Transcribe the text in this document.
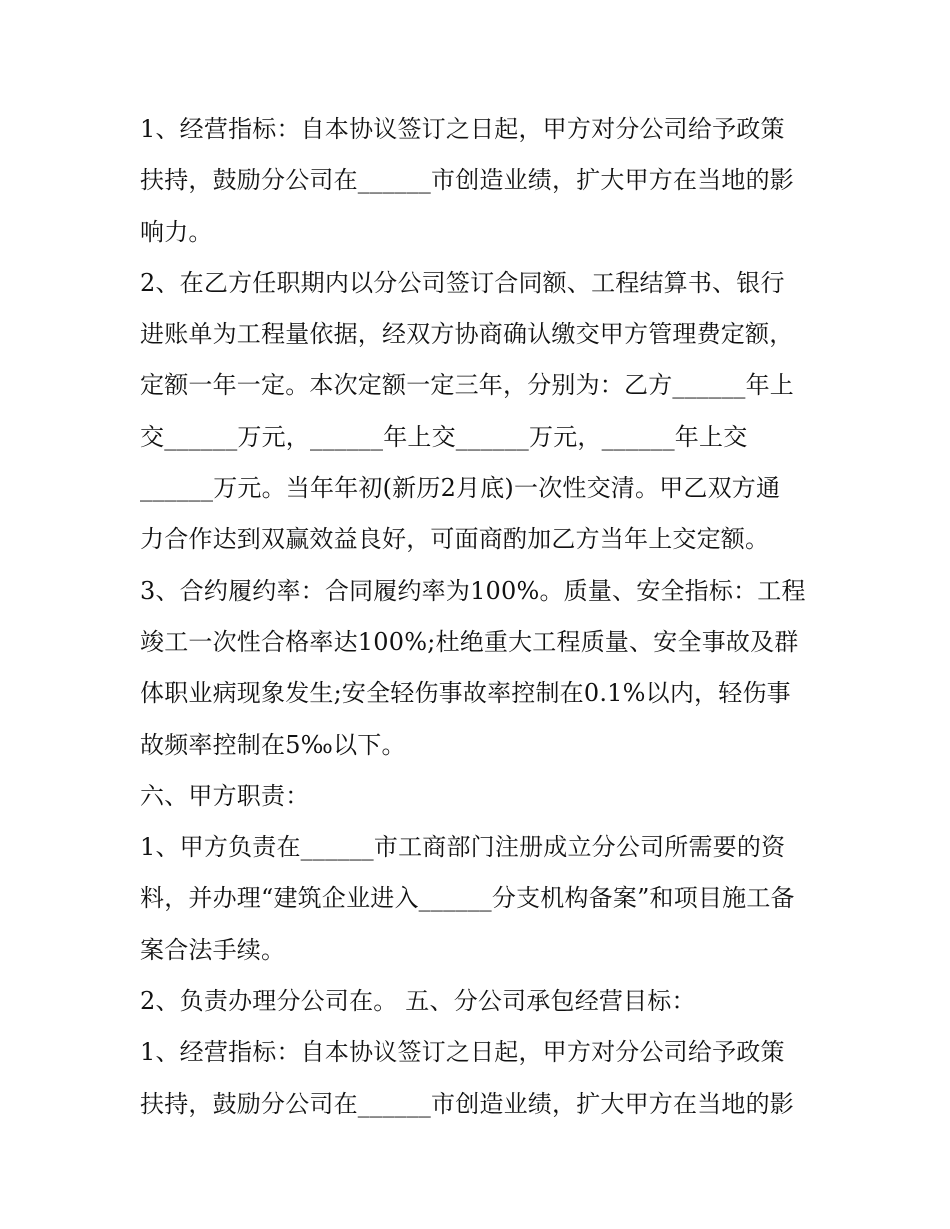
1、经营指标：自本协议签订之日起，甲方对分公司给予政策
扶持，鼓励分公司在______市创造业绩，扩大甲方在当地的影
响力。
2、在乙方任职期内以分公司签订合同额、工程结算书、银行
进账单为工程量依据，经双方协商确认缴交甲方管理费定额，
定额一年一定。本次定额一定三年，分别为：乙方______年上
交______万元，______年上交______万元，______年上交
______万元。当年年初(新历2月底)一次性交清。甲乙双方通
力合作达到双赢效益良好，可面商酌加乙方当年上交定额。
3、合约履约率：合同履约率为100%。质量、安全指标：工程
竣工一次性合格率达100%;杜绝重大工程质量、安全事故及群
体职业病现象发生;安全轻伤事故率控制在0.1%以内，轻伤事
故频率控制在5‰以下。
六、甲方职责：
1、甲方负责在______市工商部门注册成立分公司所需要的资
料，并办理“建筑企业进入______分支机构备案”和项目施工备
案合法手续。
2、负责办理分公司在。 五、分公司承包经营目标：
1、经营指标：自本协议签订之日起，甲方对分公司给予政策
扶持，鼓励分公司在______市创造业绩，扩大甲方在当地的影
